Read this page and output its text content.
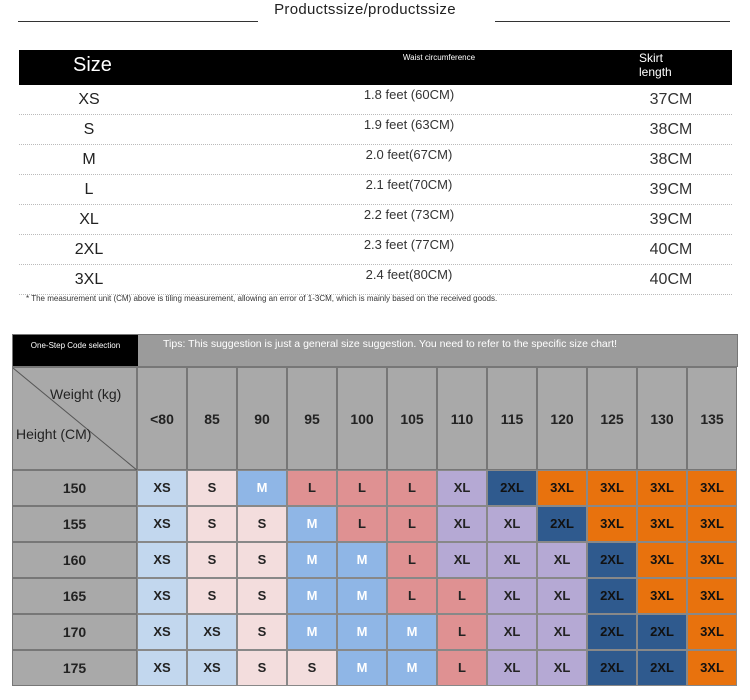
Productssize/productssize
Size	Waist circumference	Skirt length
XS	1.8 feet (60CM)	37CM
S	1.9 feet (63CM)	38CM
M	2.0 feet(67CM)	38CM
L	2.1 feet(70CM)	39CM
XL	2.2 feet (73CM)	39CM
2XL	2.3 feet (77CM)	40CM
3XL	2.4 feet(80CM)	40CM
* The measurement unit (CM) above is tiling measurement, allowing an error of 1-3CM, which is mainly based on the received goods.
One-Step Code selection	Tips: This suggestion is just a general size suggestion. You need to refer to the specific size chart!
Weight (kg)
Height (CM)
<80	85	90	95	100	105	110	115	120	125	130	135
150	XS	S	M	L	L	L	XL	2XL	3XL	3XL	3XL	3XL
155	XS	S	S	M	L	L	XL	XL	2XL	3XL	3XL	3XL
160	XS	S	S	M	M	L	XL	XL	XL	2XL	3XL	3XL
165	XS	S	S	M	M	L	L	XL	XL	2XL	3XL	3XL
170	XS	XS	S	M	M	M	L	XL	XL	2XL	2XL	3XL
175	XS	XS	S	S	M	M	L	XL	XL	2XL	2XL	3XL
